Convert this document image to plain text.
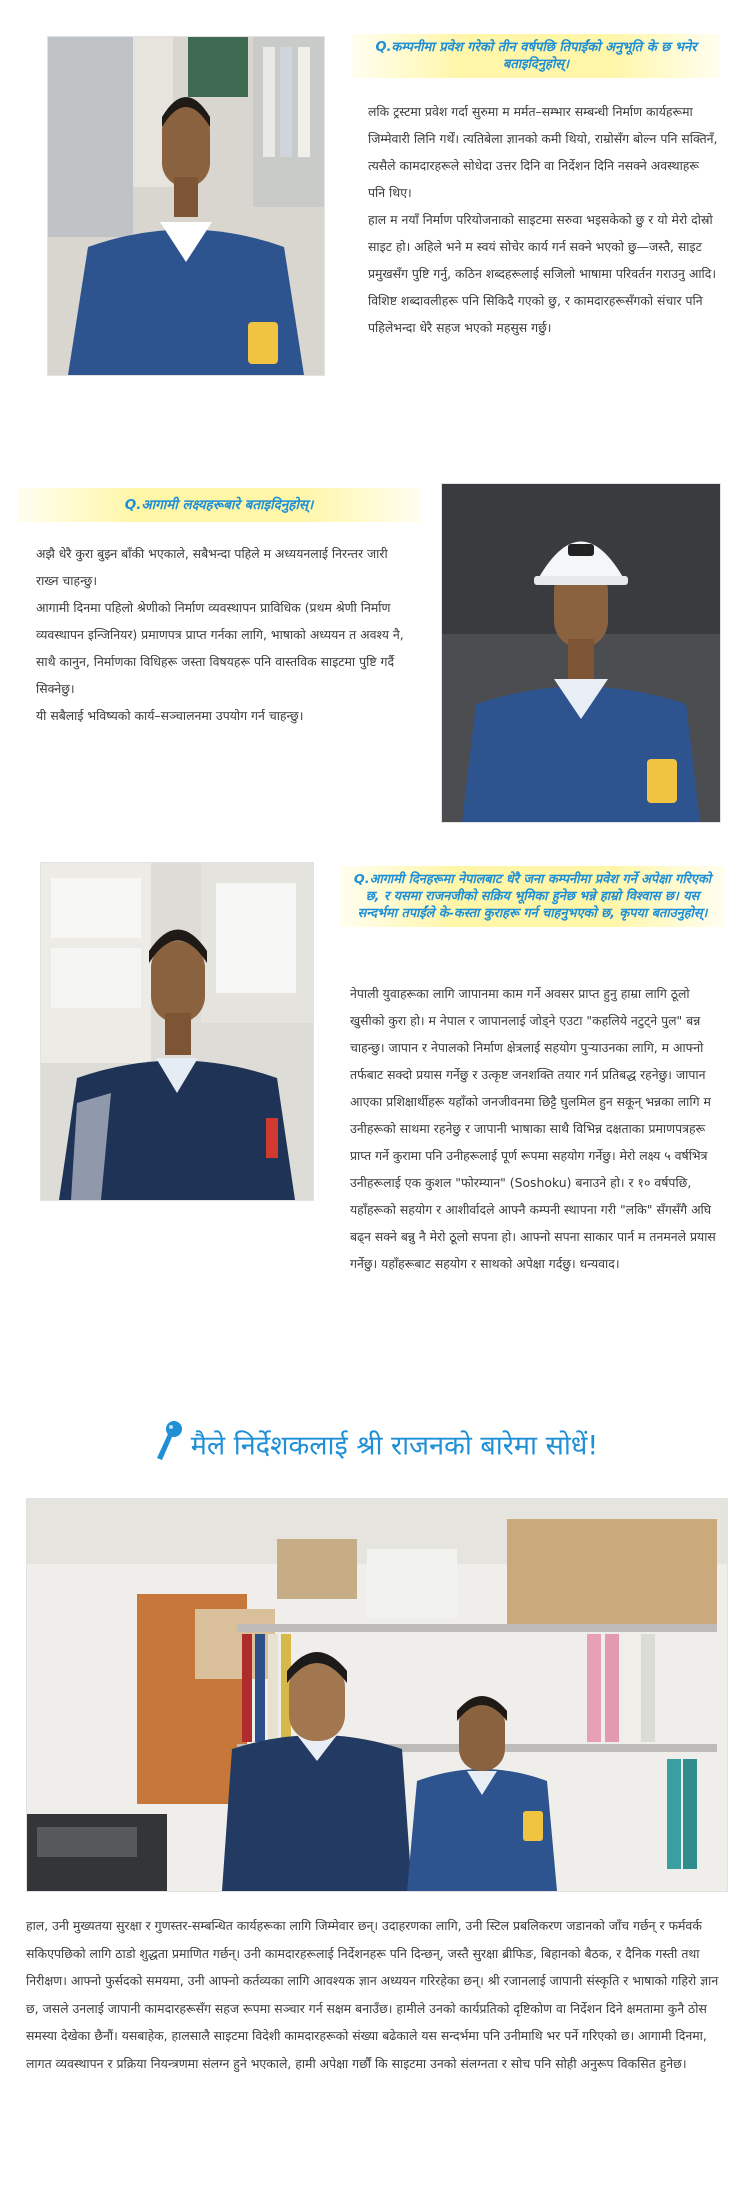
Q.कम्पनीमा प्रवेश गरेको तीन वर्षपछि तिपाईंको अनुभूति के छ भनेर बताइदिनुहोस्।

लकि ट्रस्टमा प्रवेश गर्दा सुरुमा म मर्मत–सम्भार सम्बन्धी निर्माण कार्यहरूमा जिम्मेवारी लिनि गर्थें। त्यतिबेला ज्ञानको कमी थियो, राम्रोसँग बोल्न पनि सक्तिनँ, त्यसैले कामदारहरूले सोधेदा उत्तर दिनि वा निर्देशन दिनि नसक्ने अवस्थाहरू पनि थिए।

हाल म नयाँ निर्माण परियोजनाको साइटमा सरुवा भइसकेको छु र यो मेरो दोस्रो साइट हो। अहिले भने म स्वयं सोचेर कार्य गर्न सक्ने भएको छु—जस्तै, साइट प्रमुखसँग पुष्टि गर्नु, कठिन शब्दहरूलाई सजिलो भाषामा परिवर्तन गराउनु आदि।

विशिष्ट शब्दावलीहरू पनि सिकिदै गएको छु, र कामदारहरूसँगको संचार पनि पहिलेभन्दा धेरै सहज भएको महसुस गर्छु।

Q.आगामी लक्ष्यहरूबारे बताइदिनुहोस्।

अझै धेरै कुरा बुझ्न बाँकी भएकाले, सबैभन्दा पहिले म अध्ययनलाई निरन्तर जारी राख्न चाहन्छु।

आगामी दिनमा पहिलो श्रेणीको निर्माण व्यवस्थापन प्राविधिक (प्रथम श्रेणी निर्माण व्यवस्थापन इन्जिनियर) प्रमाणपत्र प्राप्त गर्नका लागि, भाषाको अध्ययन त अवश्य नै, साथै कानुन, निर्माणका विधिहरू जस्ता विषयहरू पनि वास्तविक साइटमा पुष्टि गर्दै सिक्नेछु।

यी सबैलाई भविष्यको कार्य–सञ्चालनमा उपयोग गर्न चाहन्छु।

Q.आगामी दिनहरूमा नेपालबाट धेरै जना कम्पनीमा प्रवेश गर्ने अपेक्षा गरिएको छ, र यसमा राजनजीको सक्रिय भूमिका हुनेछ भन्ने हाम्रो विश्वास छ। यस सन्दर्भमा तपाईंले के-कस्ता कुराहरू गर्न चाहनुभएको छ, कृपया बताउनुहोस्।

नेपाली युवाहरूका लागि जापानमा काम गर्ने अवसर प्राप्त हुनु हाम्रा लागि ठूलो खुसीको कुरा हो। म नेपाल र जापानलाई जोड्ने एउटा "कहलिये नटुट्ने पुल" बन्न चाहन्छु। जापान र नेपालको निर्माण क्षेत्रलाई सहयोग पुर्‍याउनका लागि, म आफ्नो तर्फबाट सक्दो प्रयास गर्नेछु र उत्कृष्ट जनशक्ति तयार गर्न प्रतिबद्ध रहनेछु। जापान आएका प्रशिक्षार्थीहरू यहाँको जनजीवनमा छिट्टै घुलमिल हुन सकून् भन्नका लागि म उनीहरूको साथमा रहनेछु र जापानी भाषाका साथै विभिन्न दक्षताका प्रमाणपत्रहरू प्राप्त गर्ने कुरामा पनि उनीहरूलाई पूर्ण रूपमा सहयोग गर्नेछु। मेरो लक्ष्य ५ वर्षभित्र उनीहरूलाई एक कुशल "फोरम्यान" (Soshoku) बनाउने हो। र १० वर्षपछि, यहाँहरूको सहयोग र आशीर्वादले आफ्नै कम्पनी स्थापना गरी "लकि" सँगसँगै अघि बढ्न सक्ने बन्नु नै मेरो ठूलो सपना हो। आफ्नो सपना साकार पार्न म तनमनले प्रयास गर्नेछु। यहाँहरूबाट सहयोग र साथको अपेक्षा गर्दछु। धन्यवाद।

मैले निर्देशकलाई श्री राजनको बारेमा सोधें!
हाल, उनी मुख्यतया सुरक्षा र गुणस्तर-सम्बन्धित कार्यहरूका लागि जिम्मेवार छन्। उदाहरणका लागि, उनी स्टिल प्रबलिकरण जडानको जाँच गर्छन् र फर्मवर्क सकिएपछिको लागि ठाडो शुद्धता प्रमाणित गर्छन्। उनी कामदारहरूलाई निर्देशनहरू पनि दिन्छन्, जस्तै सुरक्षा ब्रीफिङ, बिहानको बैठक, र दैनिक गस्ती तथा निरीक्षण। आफ्नो फुर्सदको समयमा, उनी आफ्नो कर्तव्यका लागि आवश्यक ज्ञान अध्ययन गरिरहेका छन्। श्री रजानलाई जापानी संस्कृति र भाषाको गहिरो ज्ञान छ, जसले उनलाई जापानी कामदारहरूसँग सहज रूपमा सञ्चार गर्न सक्षम बनाउँछ। हामीले उनको कार्यप्रतिको दृष्टिकोण वा निर्देशन दिने क्षमतामा कुनै ठोस समस्या देखेका छैनौं। यसबाहेक, हालसालै साइटमा विदेशी कामदारहरूको संख्या बढेकाले यस सन्दर्भमा पनि उनीमाथि भर पर्ने गरिएको छ। आगामी दिनमा, लागत व्यवस्थापन र प्रक्रिया नियन्त्रणमा संलग्न हुने भएकाले, हामी अपेक्षा गर्छौं कि साइटमा उनको संलग्नता र सोच पनि सोही अनुरूप विकसित हुनेछ।
